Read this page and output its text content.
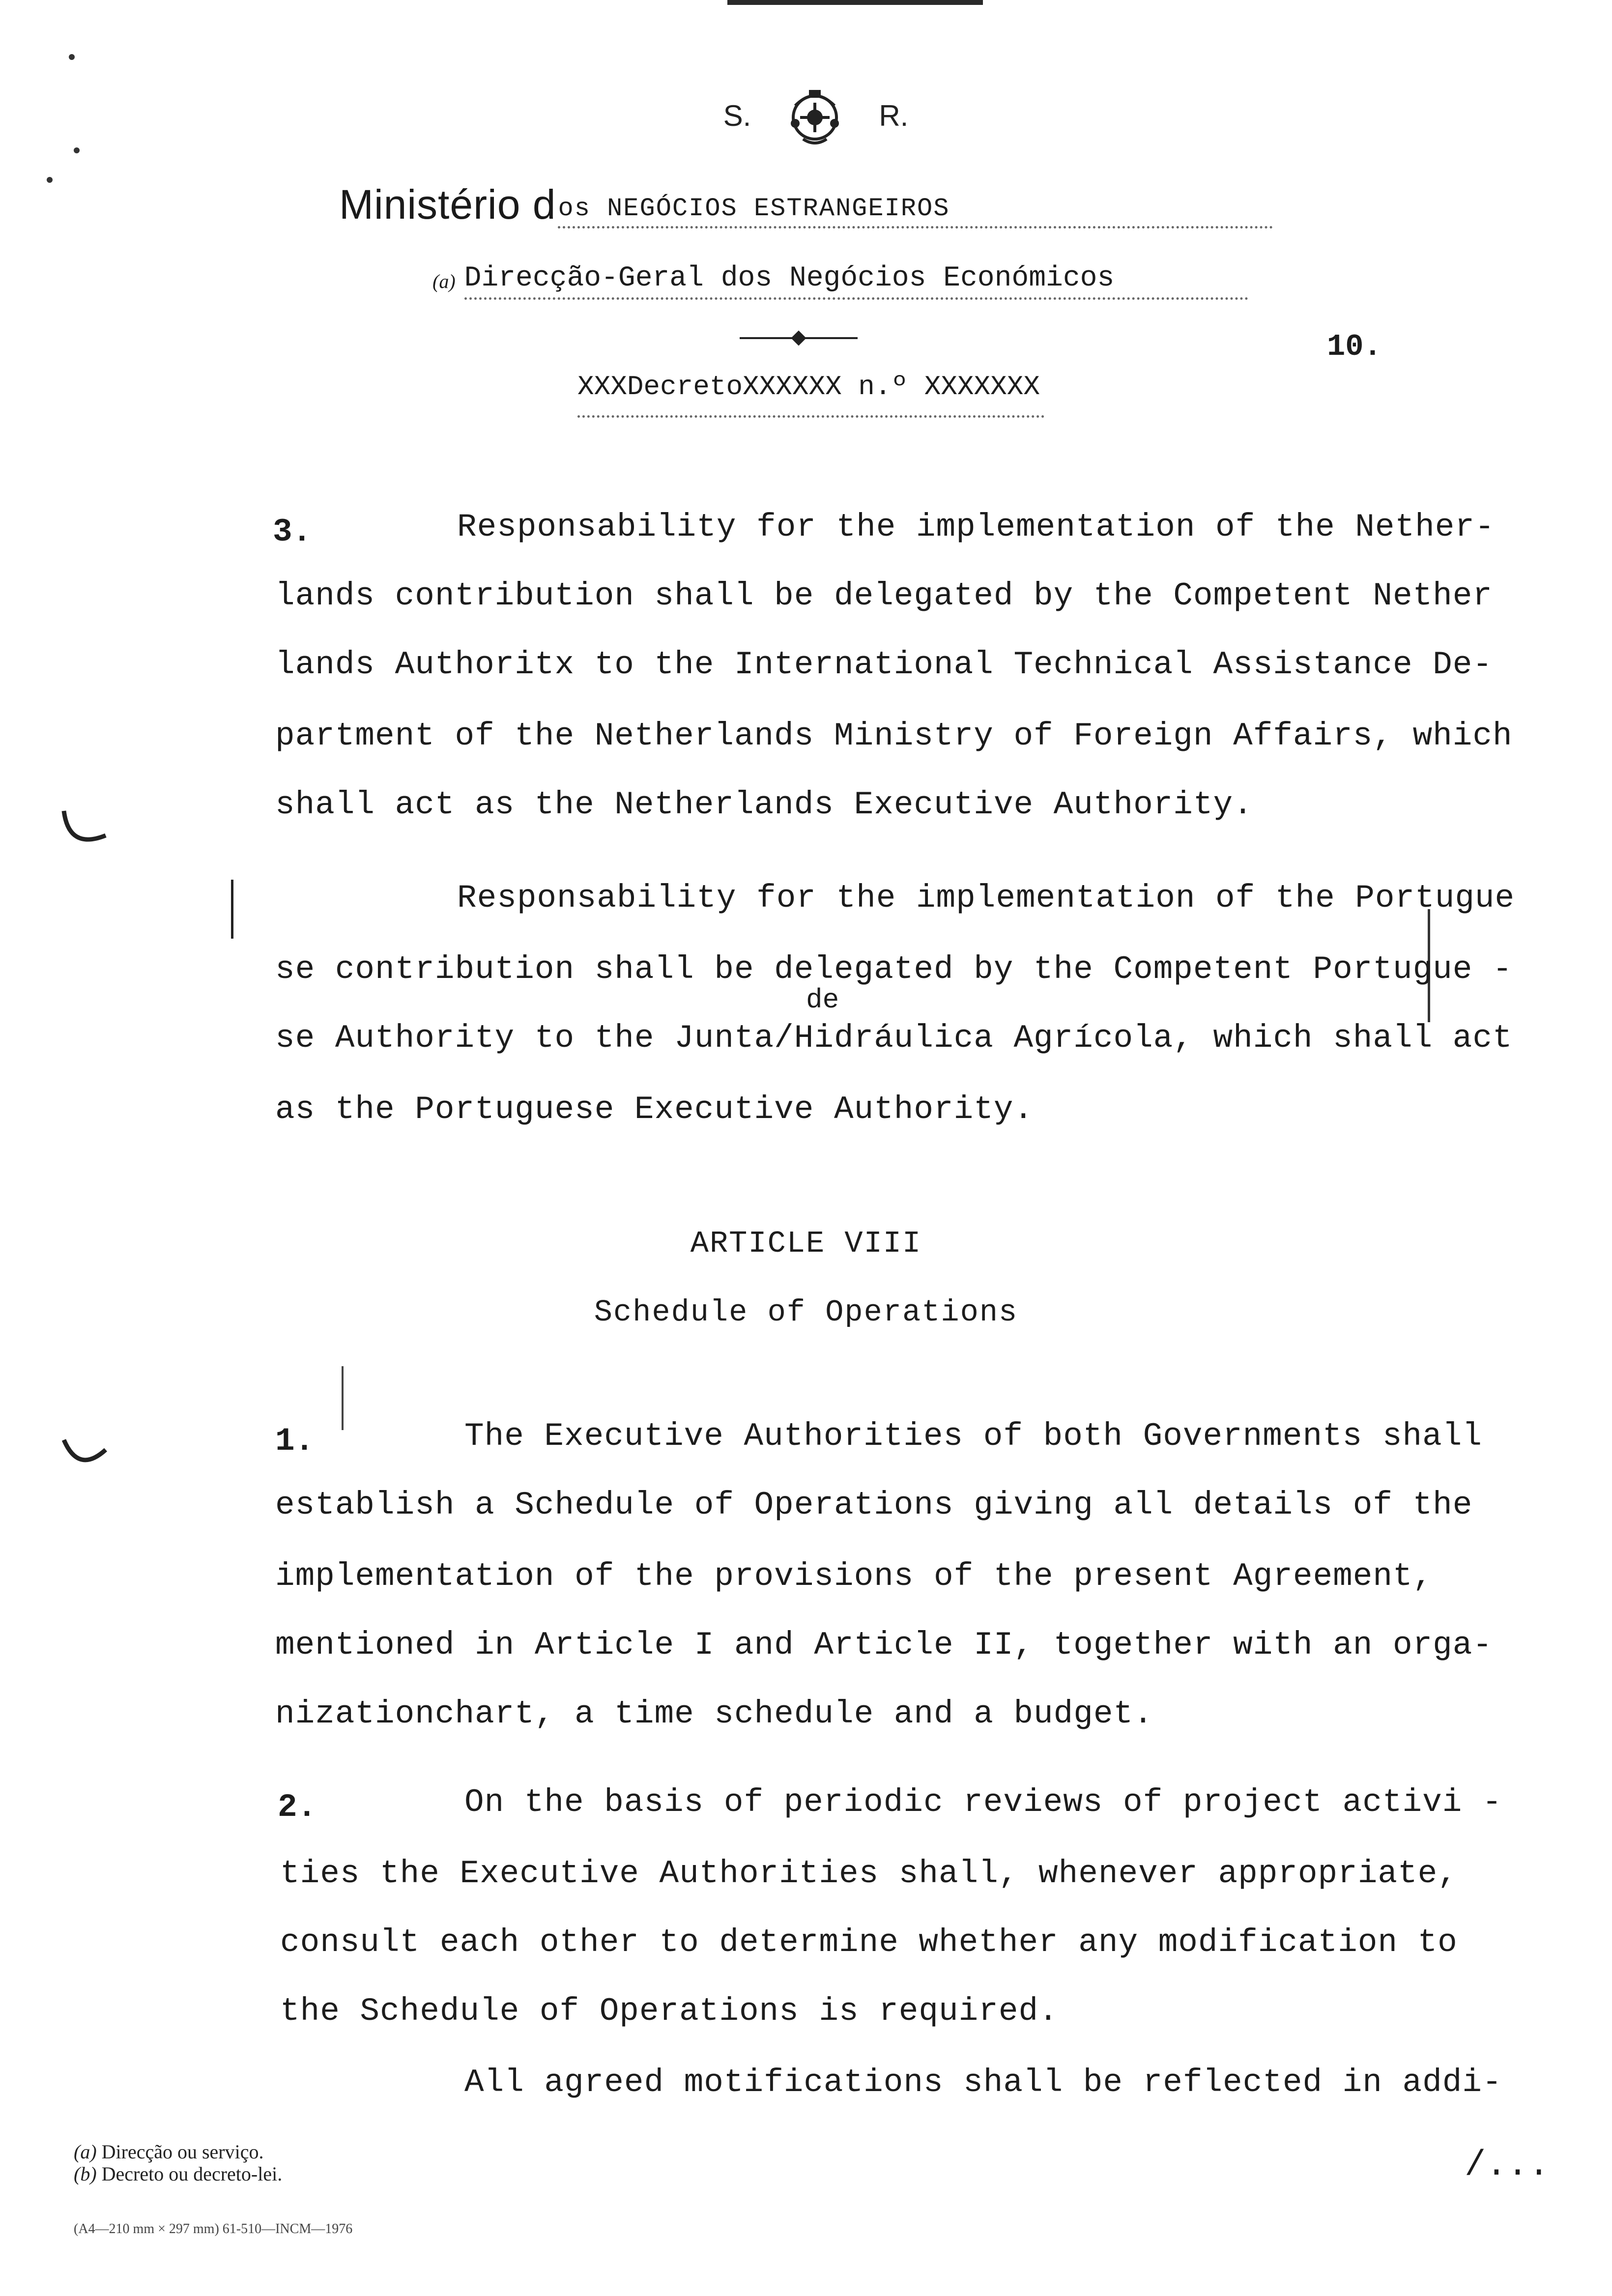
S.	R.
Ministério d os NEGÓCIOS ESTRANGEIROS
(a) Direcção-Geral dos Negócios Económicos
10.
XXXDecretoXXXXXX n.º XXXXXXX
3.	Responsability for the implementation of the Nether-
lands contribution shall be delegated by the Competent Nether
lands Authoritx to the International Technical Assistance De-
partment of the Netherlands Ministry of Foreign Affairs, which
shall act as the Netherlands Executive Authority.
Responsability for the implementation of the Portugue
se contribution shall be delegated by the Competent Portugue -
de
se Authority to the Junta/Hidráulica Agrícola, which shall act
as the Portuguese Executive Authority.
ARTICLE VIII
Schedule of Operations
1.	The Executive Authorities of both Governments shall
establish a Schedule of Operations giving all details of the
implementation of the provisions of the present Agreement,
mentioned in Article I and Article II, together with an orga-
nizationchart, a time schedule and a budget.
2.	On the basis of periodic reviews of project activi -
ties the Executive Authorities shall, whenever appropriate,
consult each other to determine whether any modification to
the Schedule of Operations is required.
All agreed motifications shall be reflected in addi-
(a) Direcção ou serviço.
(b) Decreto ou decreto-lei.
(A4—210 mm × 297 mm) 61-510—INCM—1976
/...
